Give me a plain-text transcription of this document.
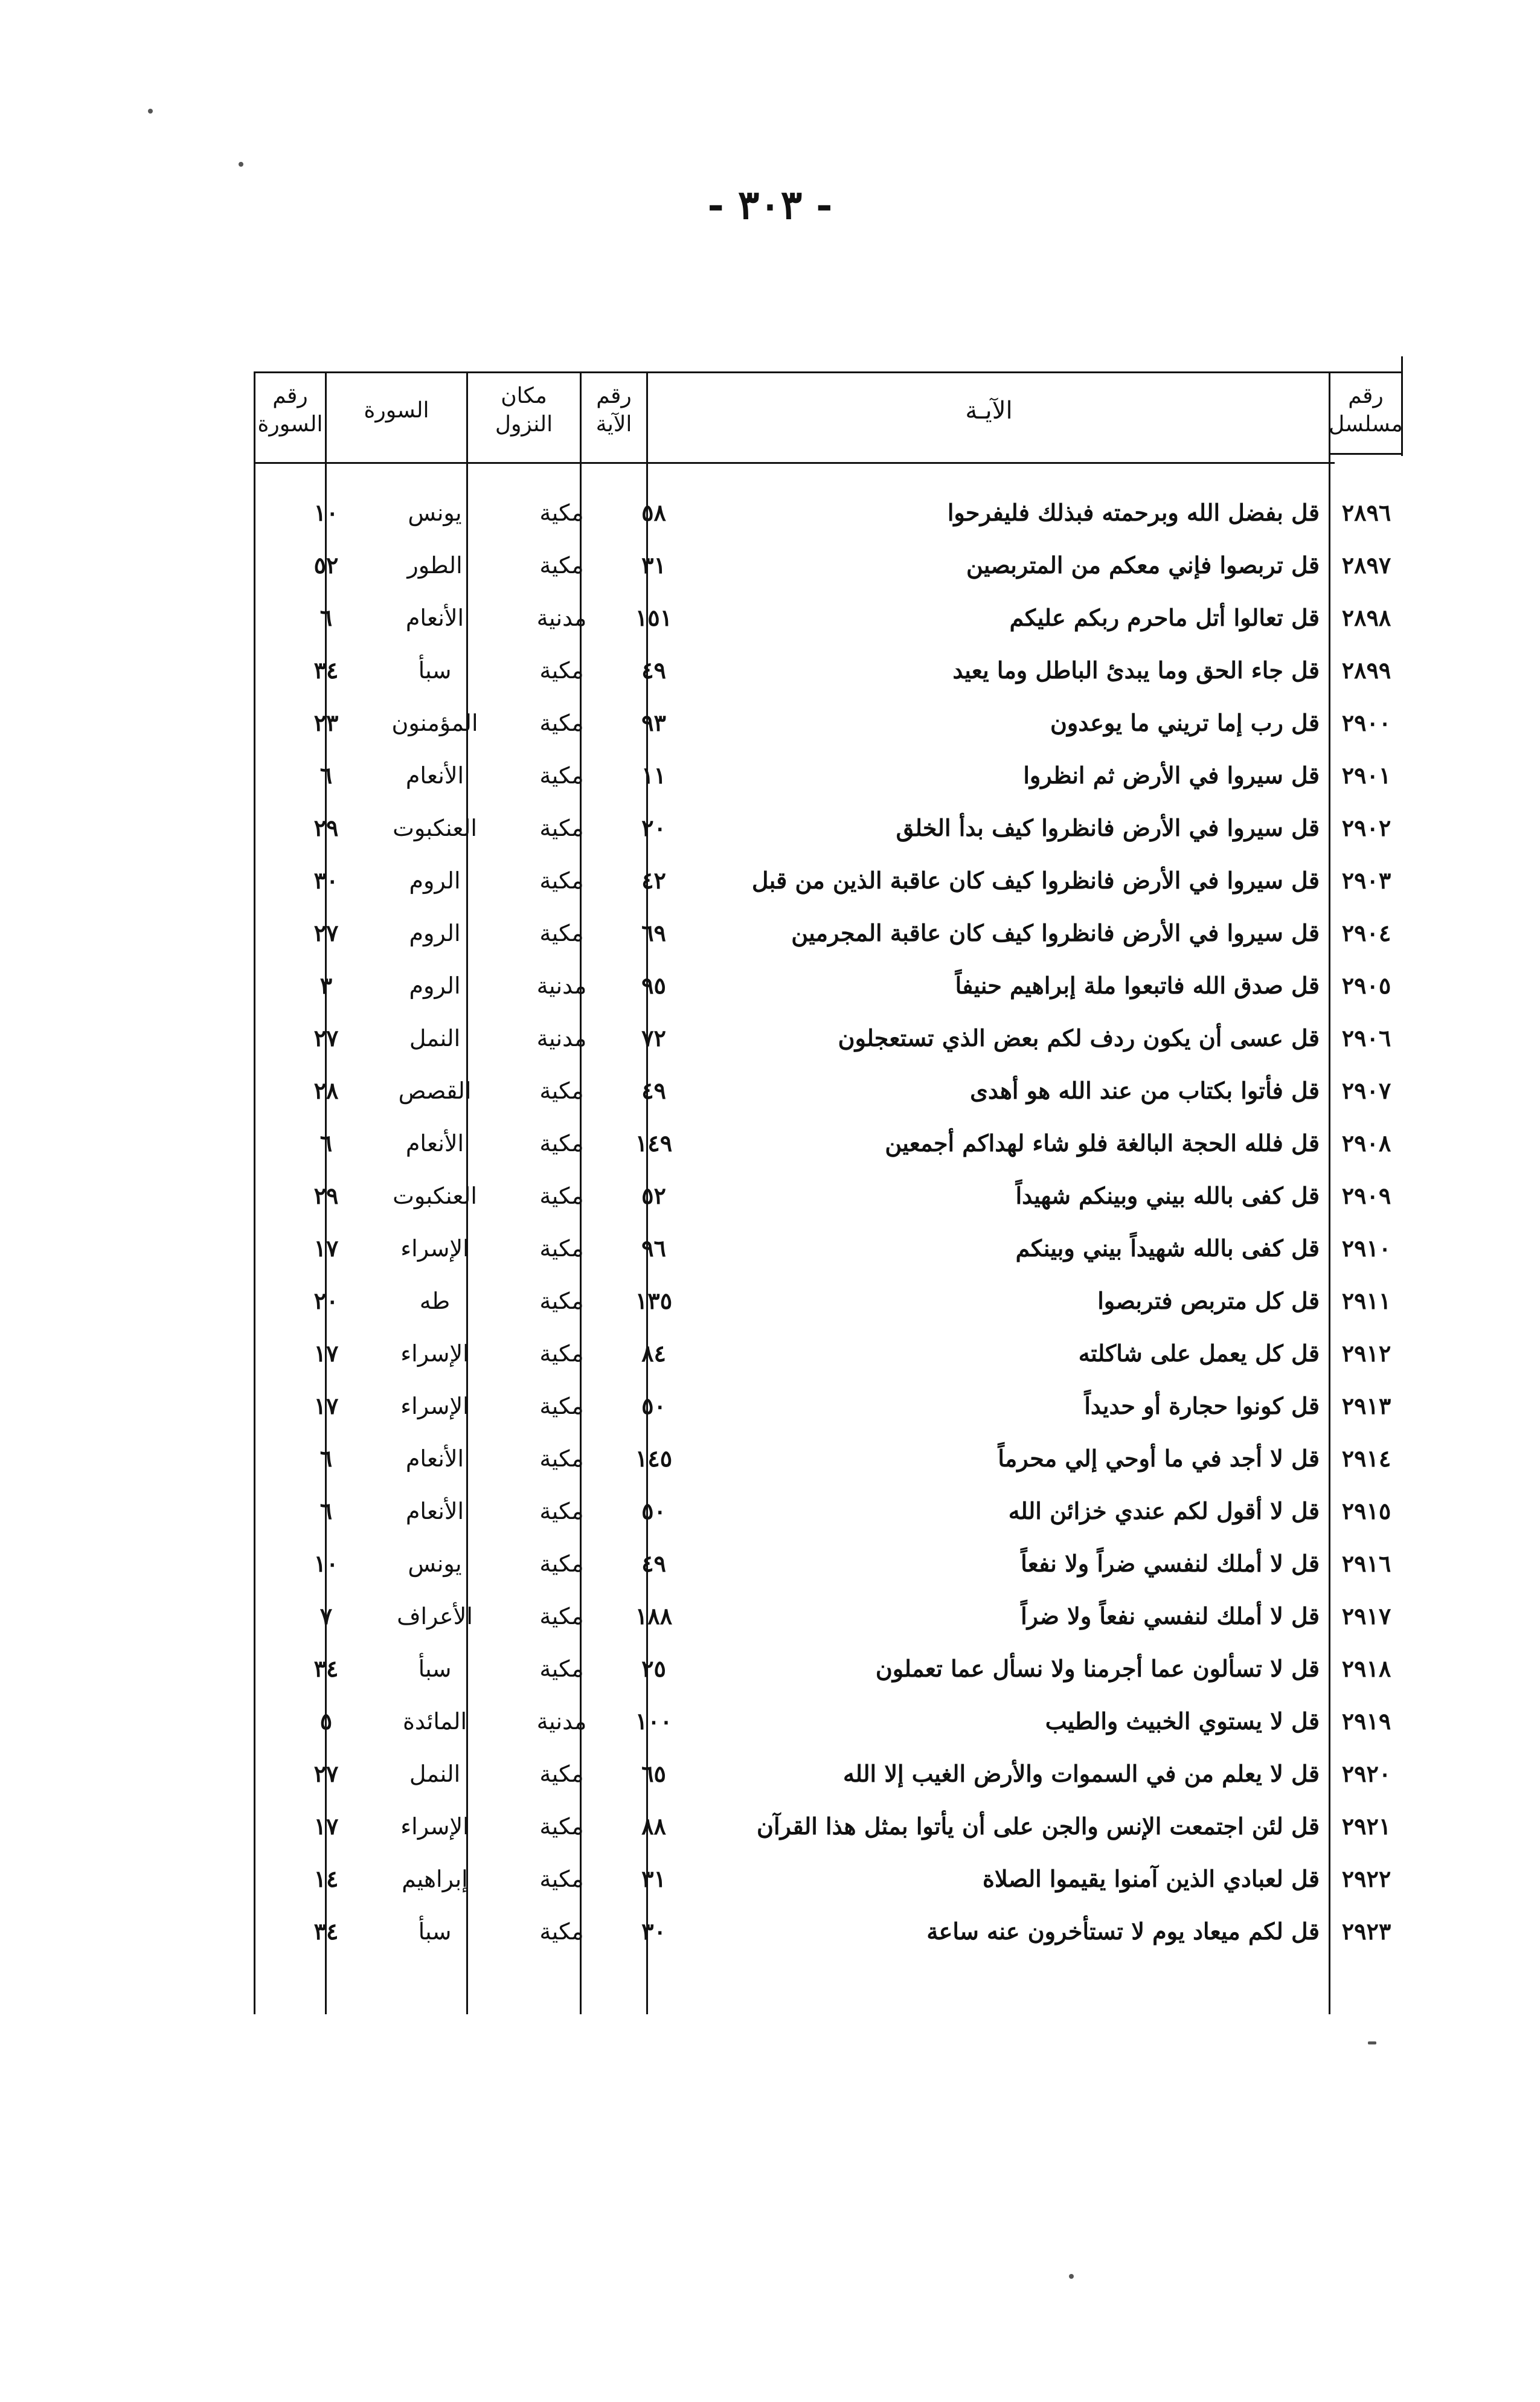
- ٣٠٣ -
رقم
مسلسل
الآيـة
رقم
الآية
مكان
النزول
السورة
رقم
السورة
٢٨٩٦
قل بفضل الله وبرحمته فبذلك فليفرحوا
٥٨
مكية
يونس
١٠
٢٨٩٧
قل تربصوا فإني معكم من المتربصين
٣١
مكية
الطور
٥٢
٢٨٩٨
قل تعالوا أتل ماحرم ربكم عليكم
١٥١
مدنية
الأنعام
٦
٢٨٩٩
قل جاء الحق وما يبدئ الباطل وما يعيد
٤٩
مكية
سبأ
٣٤
٢٩٠٠
قل رب إما تريني ما يوعدون
٩٣
مكية
المؤمنون
٢٣
٢٩٠١
قل سيروا في الأرض ثم انظروا
١١
مكية
الأنعام
٦
٢٩٠٢
قل سيروا في الأرض فانظروا كيف بدأ الخلق
٢٠
مكية
العنكبوت
٢٩
٢٩٠٣
قل سيروا في الأرض فانظروا كيف كان عاقبة الذين من قبل
٤٢
مكية
الروم
٣٠
٢٩٠٤
قل سيروا في الأرض فانظروا كيف كان عاقبة المجرمين
٦٩
مكية
الروم
٢٧
٢٩٠٥
قل صدق الله فاتبعوا ملة إبراهيم حنيفاً
٩٥
مدنية
الروم
٣
٢٩٠٦
قل عسى أن يكون ردف لكم بعض الذي تستعجلون
٧٢
مدنية
النمل
٢٧
٢٩٠٧
قل فأتوا بكتاب من عند الله هو أهدى
٤٩
مكية
القصص
٢٨
٢٩٠٨
قل فلله الحجة البالغة فلو شاء لهداكم أجمعين
١٤٩
مكية
الأنعام
٦
٢٩٠٩
قل كفى بالله بيني وبينكم شهيداً
٥٢
مكية
العنكبوت
٢٩
٢٩١٠
قل كفى بالله شهيداً بيني وبينكم
٩٦
مكية
الإسراء
١٧
٢٩١١
قل كل متربص فتربصوا
١٣٥
مكية
طه
٢٠
٢٩١٢
قل كل يعمل على شاكلته
٨٤
مكية
الإسراء
١٧
٢٩١٣
قل كونوا حجارة أو حديداً
٥٠
مكية
الإسراء
١٧
٢٩١٤
قل لا أجد في ما أوحي إلي محرماً
١٤٥
مكية
الأنعام
٦
٢٩١٥
قل لا أقول لكم عندي خزائن الله
٥٠
مكية
الأنعام
٦
٢٩١٦
قل لا أملك لنفسي ضراً ولا نفعاً
٤٩
مكية
يونس
١٠
٢٩١٧
قل لا أملك لنفسي نفعاً ولا ضراً
١٨٨
مكية
الأعراف
٧
٢٩١٨
قل لا تسألون عما أجرمنا ولا نسأل عما تعملون
٢٥
مكية
سبأ
٣٤
٢٩١٩
قل لا يستوي الخبيث والطيب
١٠٠
مدنية
المائدة
٥
٢٩٢٠
قل لا يعلم من في السموات والأرض الغيب إلا الله
٦٥
مكية
النمل
٢٧
٢٩٢١
قل لئن اجتمعت الإنس والجن على أن يأتوا بمثل هذا القرآن
٨٨
مكية
الإسراء
١٧
٢٩٢٢
قل لعبادي الذين آمنوا يقيموا الصلاة
٣١
مكية
إبراهيم
١٤
٢٩٢٣
قل لكم ميعاد يوم لا تستأخرون عنه ساعة
٣٠
مكية
سبأ
٣٤
